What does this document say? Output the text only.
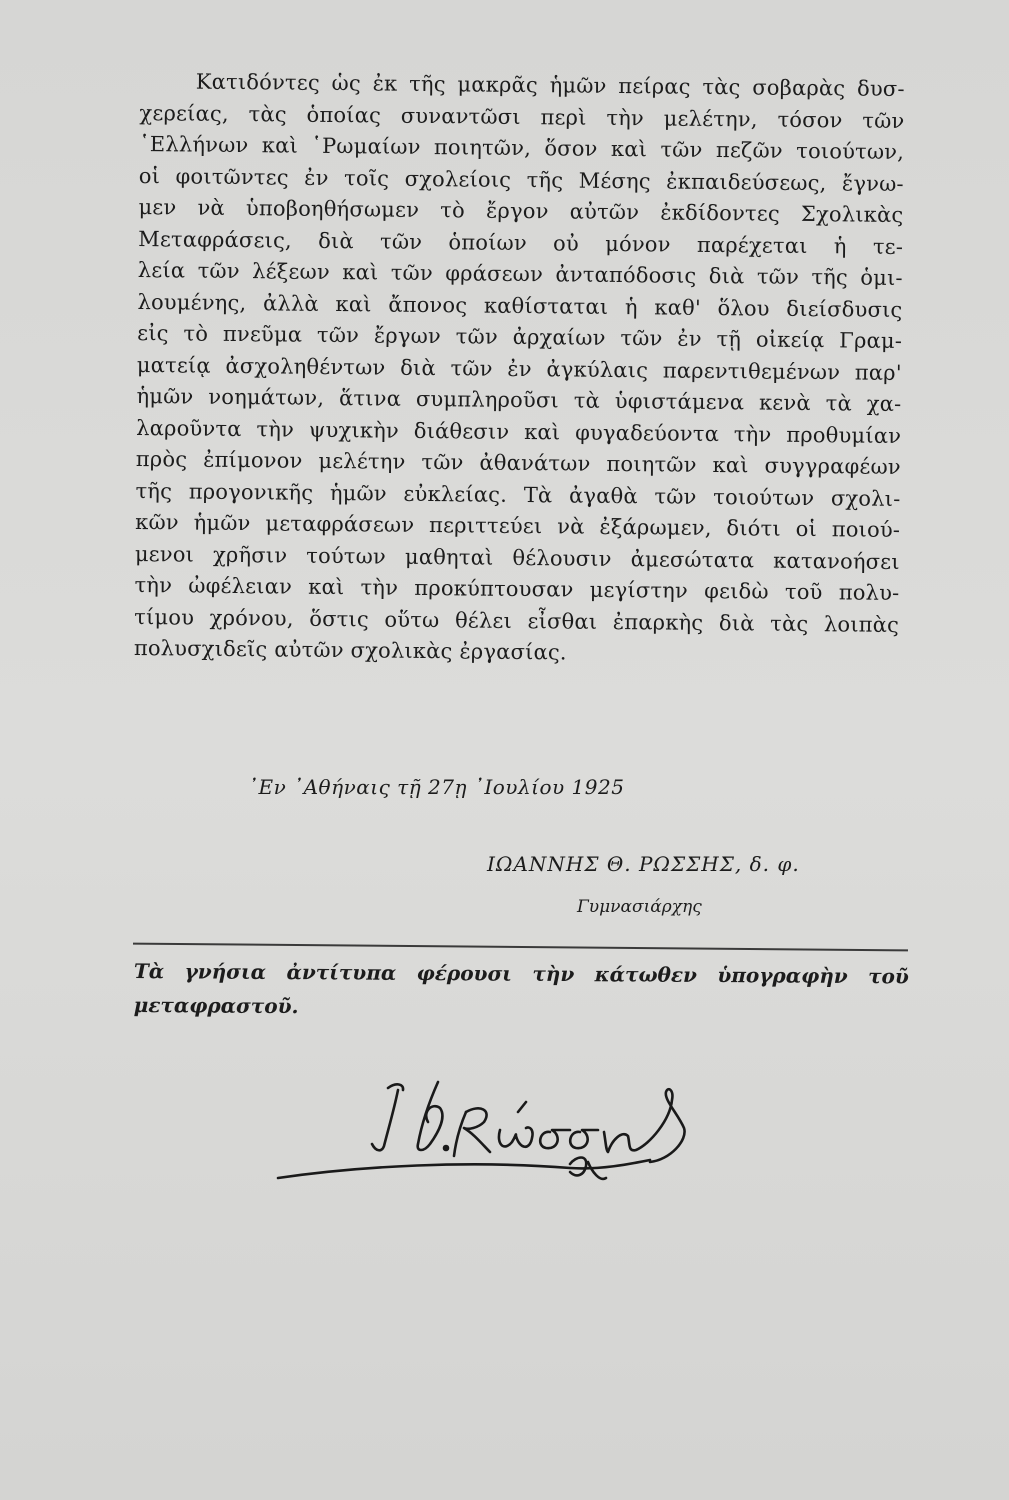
Κατιδόντες ὡς ἐκ τῆς μακρᾶς ἡμῶν πείρας τὰς σοβαρὰς δυσ-
χερείας, τὰς ὁποίας συναντῶσι περὶ τὴν μελέτην, τόσον τῶν
῾Ελλήνων καὶ ῾Ρωμαίων ποιητῶν, ὅσον καὶ τῶν πεζῶν τοιούτων,
οἱ φοιτῶντες ἐν τοῖς σχολείοις τῆς Μέσης ἐκπαιδεύσεως, ἔγνω-
μεν νὰ ὑποβοηθήσωμεν τὸ ἔργον αὐτῶν ἐκδίδοντες Σχολικὰς
Μεταφράσεις, διὰ τῶν ὁποίων οὐ μόνον παρέχεται ἡ τε-
λεία τῶν λέξεων καὶ τῶν φράσεων ἀνταπόδοσις διὰ τῶν τῆς ὁμι-
λουμένης, ἀλλὰ καὶ ἄπονος καθίσταται ἡ καθ' ὅλου διείσδυσις
εἰς τὸ πνεῦμα τῶν ἔργων τῶν ἀρχαίων τῶν ἐν τῇ οἰκείᾳ Γραμ-
ματείᾳ ἀσχοληθέντων διὰ τῶν ἐν ἀγκύλαις παρεντιθεμένων παρ'
ἡμῶν νοημάτων, ἅτινα συμπληροῦσι τὰ ὑφιστάμενα κενὰ τὰ χα-
λαροῦντα τὴν ψυχικὴν διάθεσιν καὶ φυγαδεύοντα τὴν προθυμίαν
πρὸς ἐπίμονον μελέτην τῶν ἀθανάτων ποιητῶν καὶ συγγραφέων
τῆς προγονικῆς ἡμῶν εὐκλείας. Τὰ ἀγαθὰ τῶν τοιούτων σχολι-
κῶν ἡμῶν μεταφράσεων περιττεύει νὰ ἐξάρωμεν, διότι οἱ ποιού-
μενοι χρῆσιν τούτων μαθηταὶ θέλουσιν ἀμεσώτατα κατανοήσει
τὴν ὠφέλειαν καὶ τὴν προκύπτουσαν μεγίστην φειδὼ τοῦ πολυ-
τίμου χρόνου, ὅστις οὕτω θέλει εἶσθαι ἐπαρκὴς διὰ τὰς λοιπὰς
πολυσχιδεῖς αὐτῶν σχολικὰς ἐργασίας.
᾿Εν ᾿Αθήναις τῇ 27ῃ ᾿Ιουλίου 1925
ΙΩΑΝΝΗΣ Θ. ΡΩΣΣΗΣ, δ. φ.
Γυμνασιάρχης
Τὰ γνήσια ἀντίτυπα φέρουσι τὴν κάτωθεν ὑπογραφὴν τοῦ
μεταφραστοῦ.
